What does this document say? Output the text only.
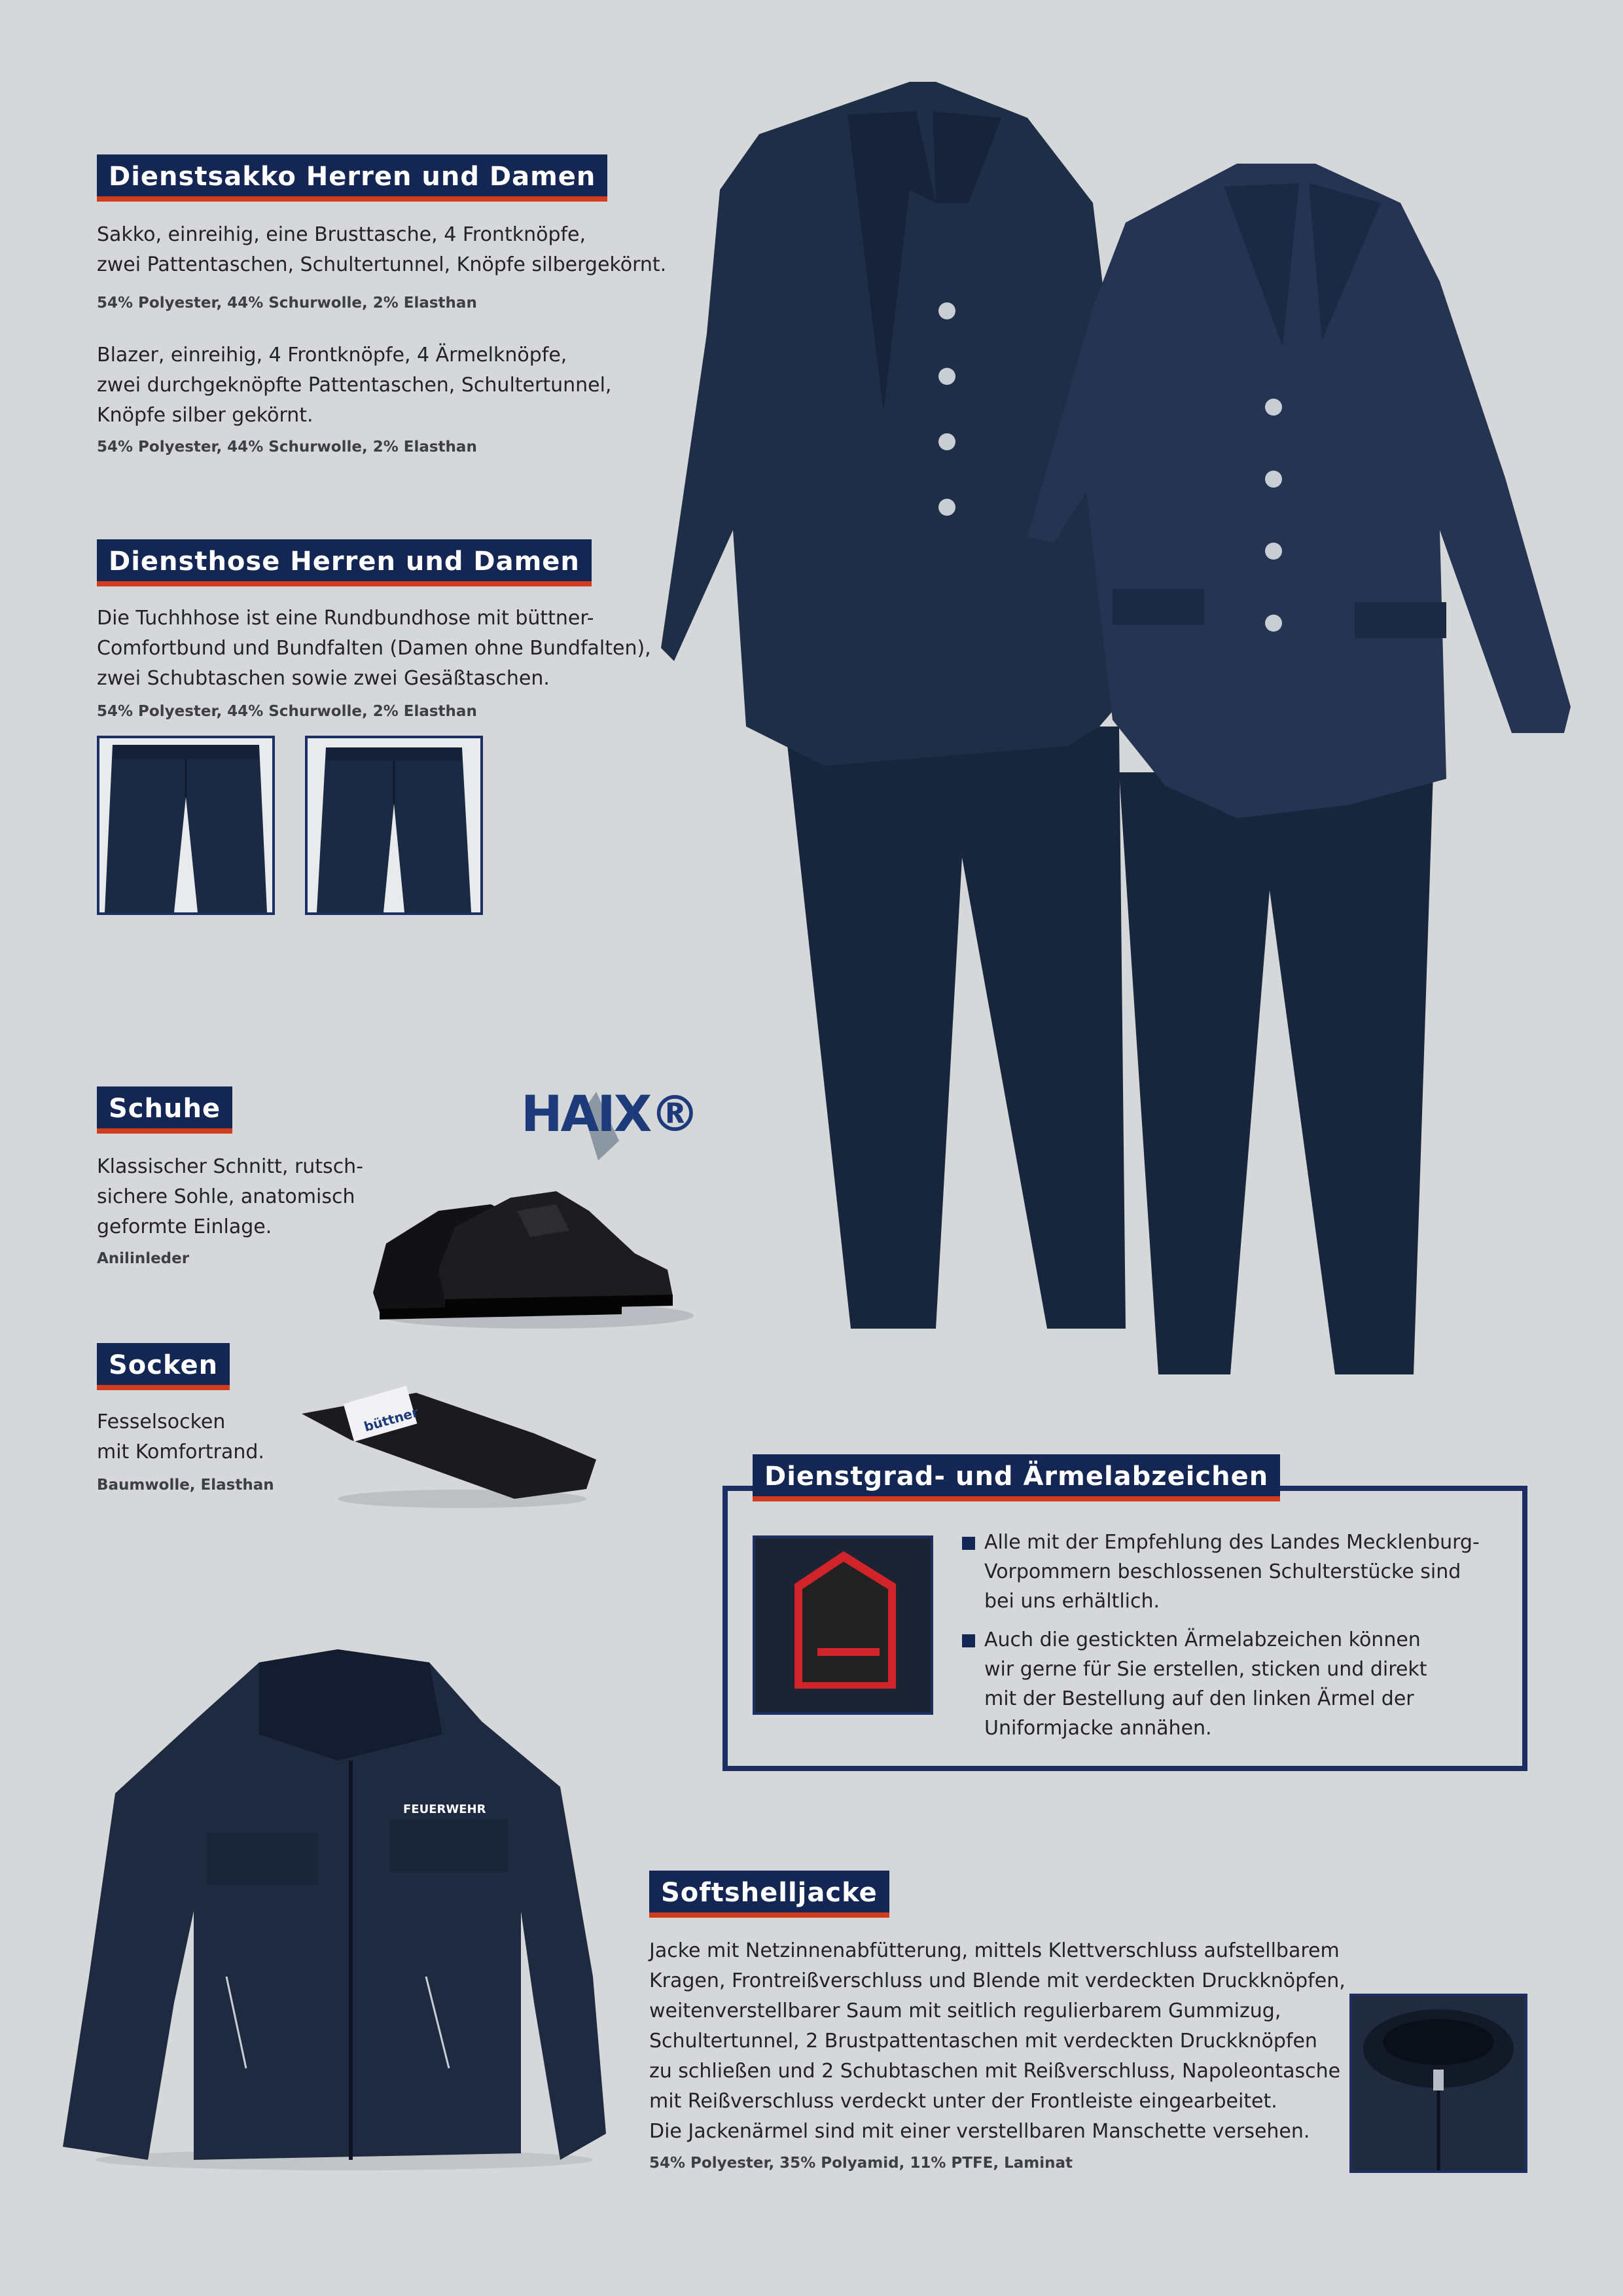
Dienstsakko Herren und Damen
Sakko, einreihig, eine Brusttasche, 4 Frontknöpfe,
zwei Pattentaschen, Schultertunnel, Knöpfe silbergekörnt.
54% Polyester, 44% Schurwolle, 2% Elasthan
Blazer, einreihig, 4 Frontknöpfe, 4 Ärmelknöpfe,
zwei durchgeknöpfte Pattentaschen, Schultertunnel,
Knöpfe silber gekörnt.
54% Polyester, 44% Schurwolle, 2% Elasthan
Diensthose Herren und Damen
Die Tuchhhose ist eine Rundbundhose mit büttner-
Comfortbund und Bundfalten (Damen ohne Bundfalten),
zwei Schubtaschen sowie zwei Gesäßtaschen.
54% Polyester, 44% Schurwolle, 2% Elasthan
Schuhe
Klassischer Schnitt, rutsch-
sichere Sohle, anatomisch
geformte Einlage.
Anilinleder
HAIX®
Socken
Fesselsocken
mit Komfortrand.
Baumwolle, Elasthan
büttner
Dienstgrad- und Ärmelabzeichen
Alle mit der Empfehlung des Landes Mecklenburg-
Vorpommern beschlossenen Schulterstücke sind
bei uns erhältlich.
Auch die gestickten Ärmelabzeichen können
wir gerne für Sie erstellen, sticken und direkt
mit der Bestellung auf den linken Ärmel der
Uniformjacke annähen.
FEUERWEHR
Softshelljacke
Jacke mit Netzinnenabfütterung, mittels Klettverschluss aufstellbarem
Kragen, Frontreißverschluss und Blende mit verdeckten Druckknöpfen,
weitenverstellbarer Saum mit seitlich regulierbarem Gummizug,
Schultertunnel, 2 Brustpattentaschen mit verdeckten Druckknöpfen
zu schließen und 2 Schubtaschen mit Reißverschluss, Napoleontasche
mit Reißverschluss verdeckt unter der Frontleiste eingearbeitet.
Die Jackenärmel sind mit einer verstellbaren Manschette versehen.
54% Polyester, 35% Polyamid, 11% PTFE, Laminat
